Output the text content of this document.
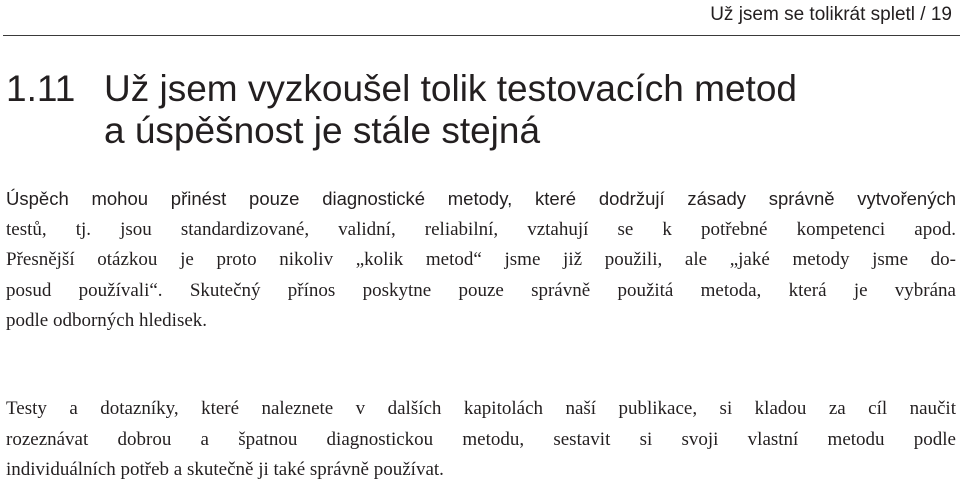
Už jsem se tolikrát spletl / 19
1.11 Už jsem vyzkoušel tolik testovacích metod
a úspěšnost je stále stejná

Úspěch mohou přinést pouze diagnostické metody, které dodržují zásady správně vytvořených
testů, tj. jsou standardizované, validní, reliabilní, vztahují se k potřebné kompetenci apod.
Přesnější otázkou je proto nikoliv „kolik metod“ jsme již použili, ale „jaké metody jsme do-
posud používali“. Skutečný přínos poskytne pouze správně použitá metoda, která je vybrána
podle odborných hledisek.

Testy a dotazníky, které naleznete v dalších kapitolách naší publikace, si kladou za cíl naučit
rozeznávat dobrou a špatnou diagnostickou metodu, sestavit si svoji vlastní metodu podle
individuálních potřeb a skutečně ji také správně používat.
